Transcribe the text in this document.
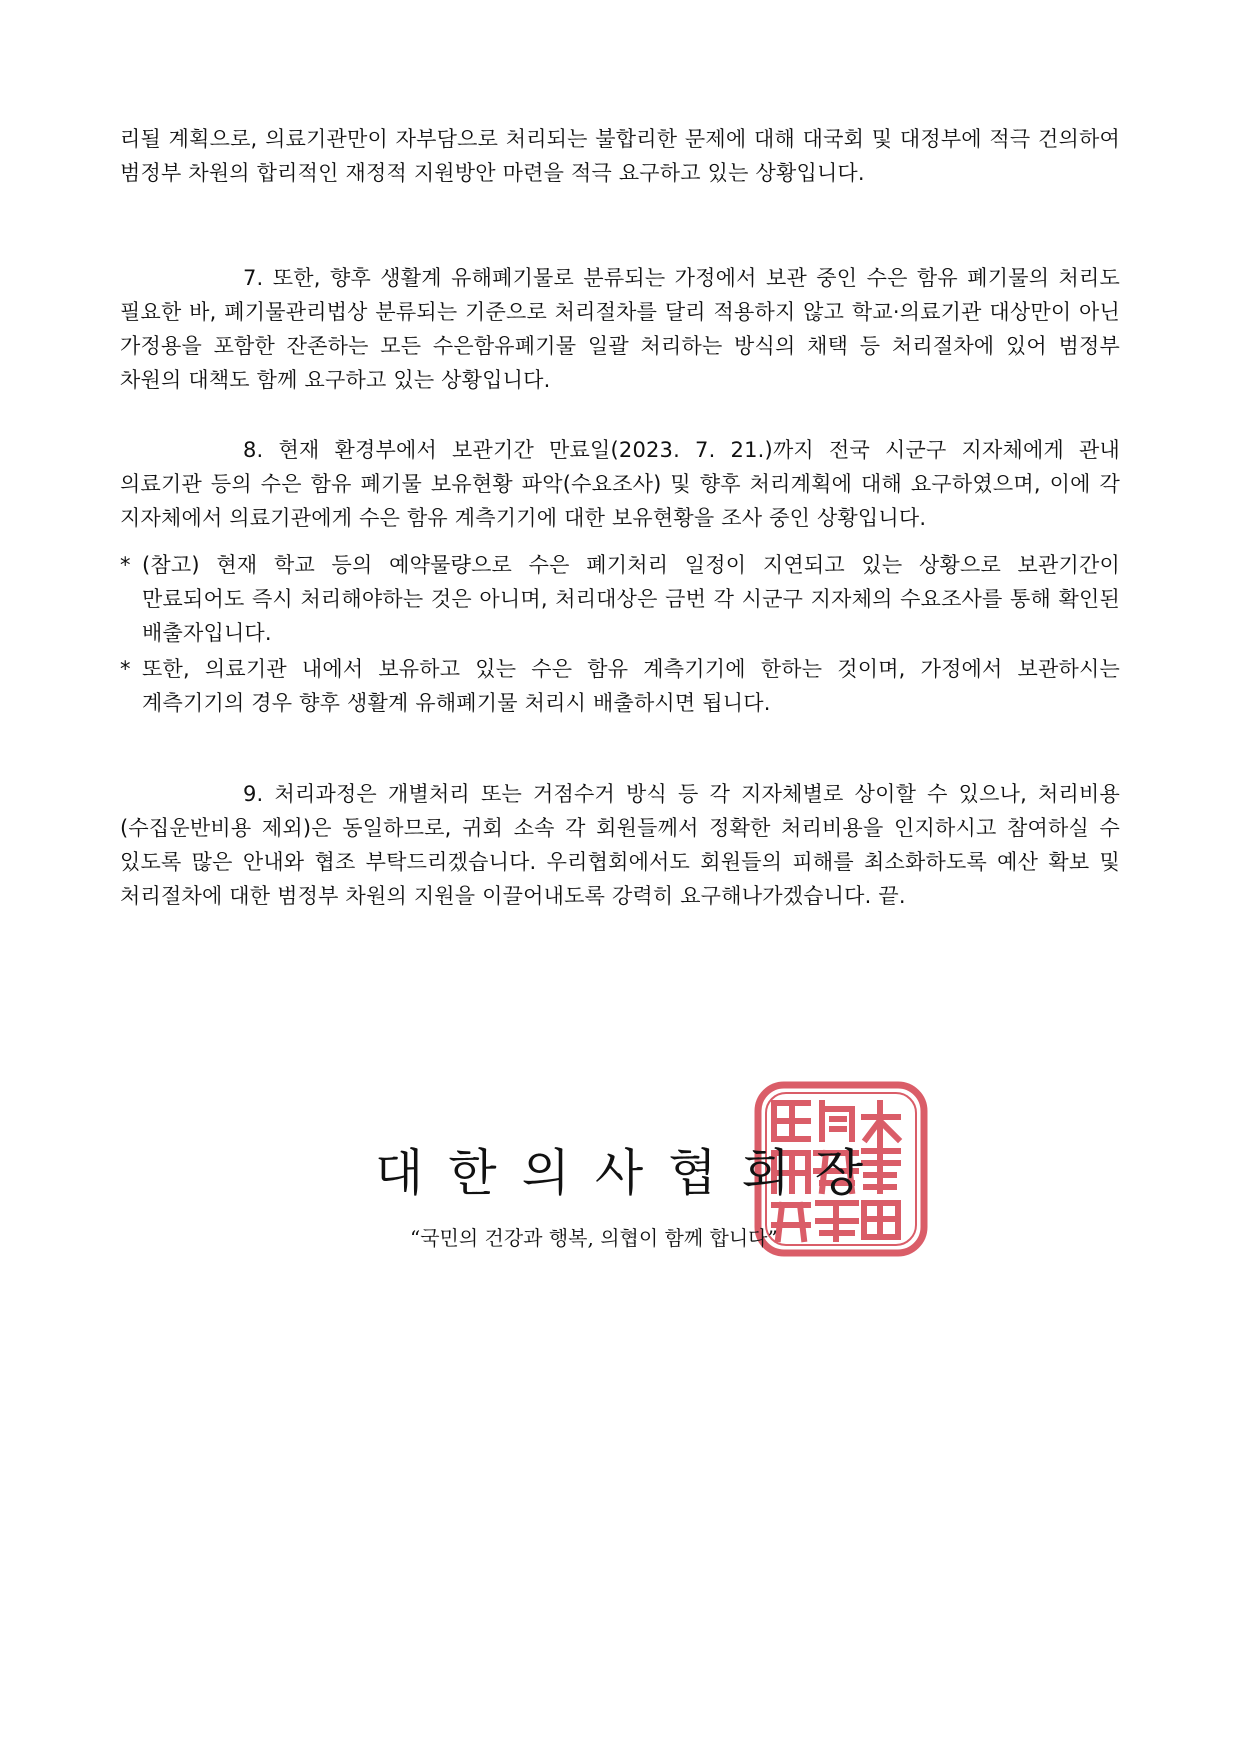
리될 계획으로, 의료기관만이 자부담으로 처리되는 불합리한 문제에 대해 대국회 및 대정부에 적극 건의하여 범정부 차원의 합리적인 재정적 지원방안 마련을 적극 요구하고 있는 상황입니다.

7. 또한, 향후 생활계 유해폐기물로 분류되는 가정에서 보관 중인 수은 함유 폐기물의 처리도 필요한 바, 폐기물관리법상 분류되는 기준으로 처리절차를 달리 적용하지 않고 학교·의료기관 대상만이 아닌 가정용을 포함한 잔존하는 모든 수은함유폐기물 일괄 처리하는 방식의 채택 등 처리절차에 있어 범정부 차원의 대책도 함께 요구하고 있는 상황입니다.

8. 현재 환경부에서 보관기간 만료일(2023. 7. 21.)까지 전국 시군구 지자체에게 관내 의료기관 등의 수은 함유 폐기물 보유현황 파악(수요조사) 및 향후 처리계획에 대해 요구하였으며, 이에 각 지자체에서 의료기관에게 수은 함유 계측기기에 대한 보유현황을 조사 중인 상황입니다.

* (참고) 현재 학교 등의 예약물량으로 수은 폐기처리 일정이 지연되고 있는 상황으로 보관기간이 만료되어도 즉시 처리해야하는 것은 아니며, 처리대상은 금번 각 시군구 지자체의 수요조사를 통해 확인된 배출자입니다.
* 또한, 의료기관 내에서 보유하고 있는 수은 함유 계측기기에 한하는 것이며, 가정에서 보관하시는 계측기기의 경우 향후 생활계 유해폐기물 처리시 배출하시면 됩니다.

9. 처리과정은 개별처리 또는 거점수거 방식 등 각 지자체별로 상이할 수 있으나, 처리비용(수집운반비용 제외)은 동일하므로, 귀회 소속 각 회원들께서 정확한 처리비용을 인지하시고 참여하실 수 있도록 많은 안내와 협조 부탁드리겠습니다. 우리협회에서도 회원들의 피해를 최소화하도록 예산 확보 및 처리절차에 대한 범정부 차원의 지원을 이끌어내도록 강력히 요구해나가겠습니다. 끝.

대한의사협회장
“국민의 건강과 행복, 의협이 함께 합니다”
